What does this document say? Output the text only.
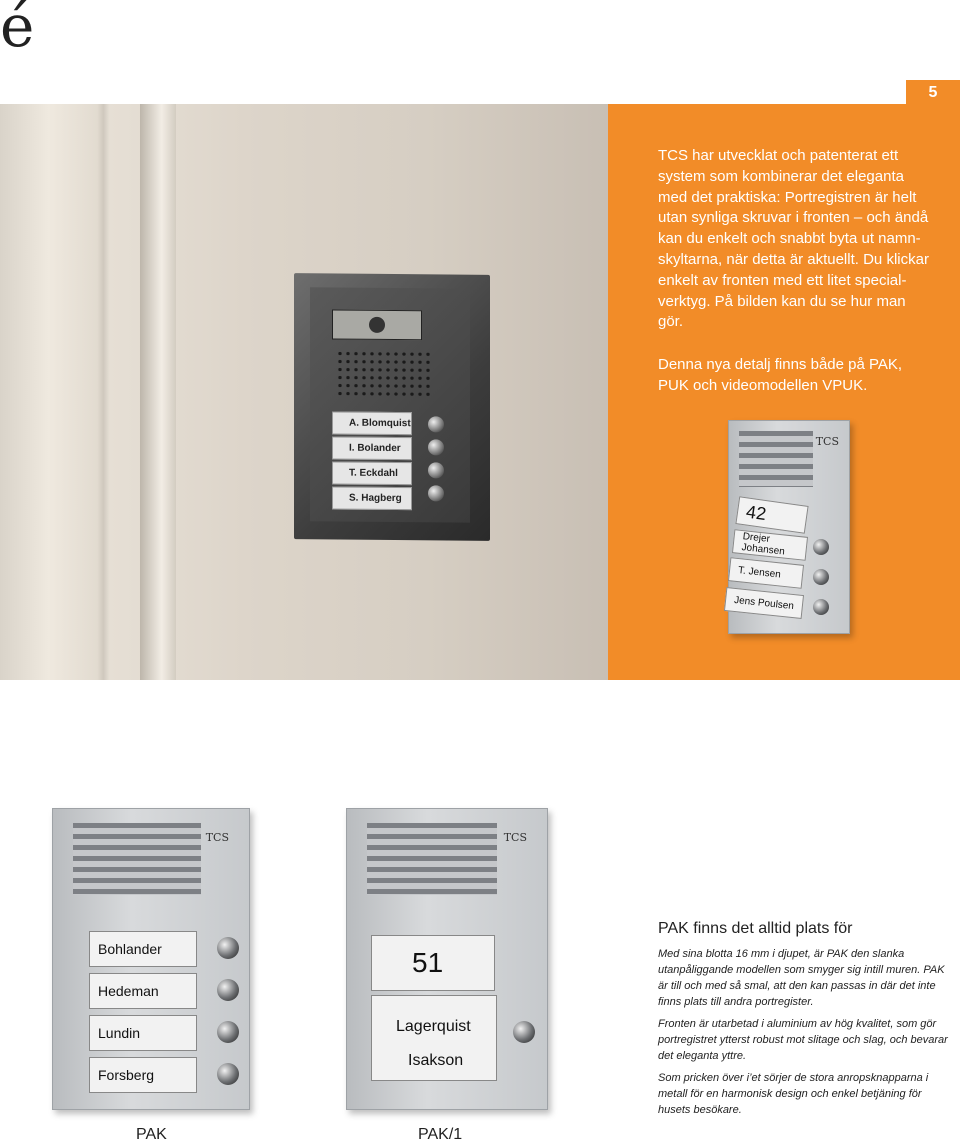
é
5
A. Blomquist
I. Bolander
T. Eckdahl
S. Hagberg

TCS har utvecklat och patenterat ett system som kombinerar det eleganta med det praktiska: Portregistren är helt utan synliga skruvar i fronten – och ändå kan du enkelt och snabbt byta ut namn-skyltarna, när detta är aktuellt. Du klickar enkelt av fronten med ett litet special-verktyg. På bilden kan du se hur man gör.

Denna nya detalj finns både på PAK, PUK och videomodellen VPUK.

TCS
42
Drejer Johansen
T. Jensen
Jens Poulsen
TCS
Bohlander
Hedeman
Lundin
Forsberg
PAK
TCS
51
Lagerquist
Isakson
PAK/1
PAK finns det alltid plats för

Med sina blotta 16 mm i djupet, är PAK den slanka utanpåliggande modellen som smyger sig intill muren. PAK är till och med så smal, att den kan passas in där det inte finns plats till andra portregister.

Fronten är utarbetad i aluminium av hög kvalitet, som gör portregistret ytterst robust mot slitage och slag, och bevarar det eleganta yttre.

Som pricken över i’et sörjer de stora anropsknapparna i metall för en harmonisk design och enkel betjäning för husets besökare.
